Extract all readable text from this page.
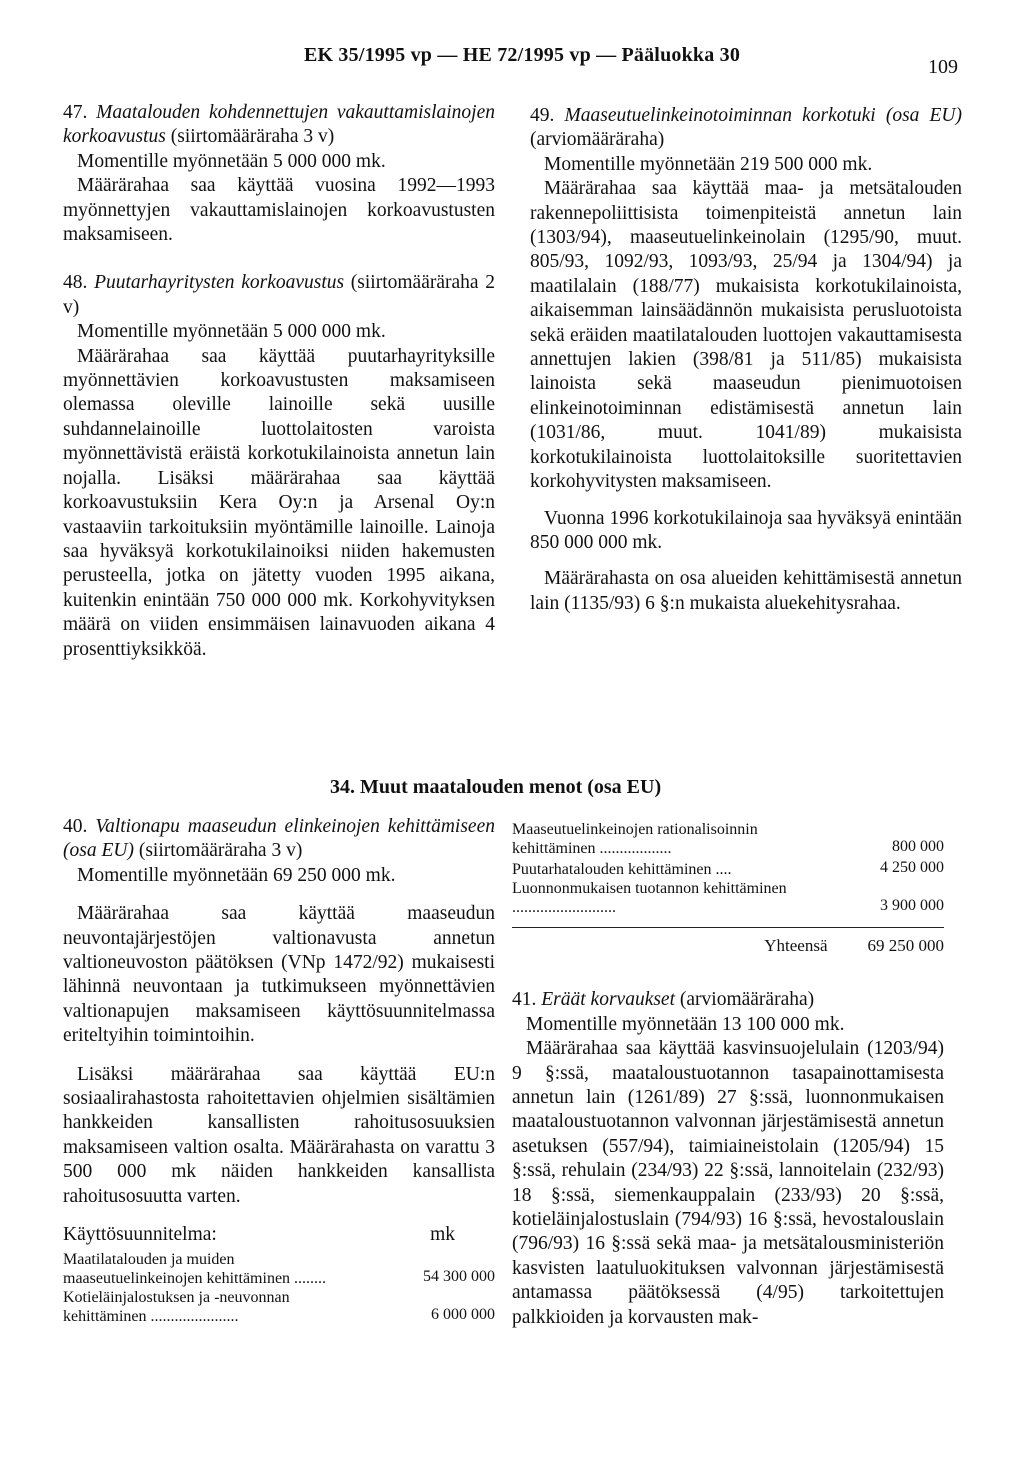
EK 35/1995 vp — HE 72/1995 vp — Pääluokka 30
109

47. Maatalouden kohdennettujen vakauttamislainojen korkoavustus (siirtomääräraha 3 v)

Momentille myönnetään 5 000 000 mk.

Määrärahaa saa käyttää vuosina 1992—1993 myönnettyjen vakauttamislainojen korkoavustusten maksamiseen.

48. Puutarhayritysten korkoavustus (siirtomääräraha 2 v)

Momentille myönnetään 5 000 000 mk.

Määrärahaa saa käyttää puutarhayrityksille myönnettävien korkoavustusten maksamiseen olemassa oleville lainoille sekä uusille suhdannelainoille luottolaitosten varoista myönnettävistä eräistä korkotukilainoista annetun lain nojalla. Lisäksi määrärahaa saa käyttää korkoavustuksiin Kera Oy:n ja Arsenal Oy:n vastaaviin tarkoituksiin myöntämille lainoille. Lainoja saa hyväksyä korkotukilainoiksi niiden hakemusten perusteella, jotka on jätetty vuoden 1995 aikana, kuitenkin enintään 750 000 000 mk. Korkohyvityksen määrä on viiden ensimmäisen lainavuoden aikana 4 prosenttiyksikköä.

49. Maaseutuelinkeinotoiminnan korkotuki (osa EU) (arviomääräraha)

Momentille myönnetään 219 500 000 mk.

Määrärahaa saa käyttää maa- ja metsätalouden rakennepoliittisista toimenpiteistä annetun lain (1303/94), maaseutuelinkeinolain (1295/90, muut. 805/93, 1092/93, 1093/93, 25/94 ja 1304/94) ja maatilalain (188/77) mukaisista korkotukilainoista, aikaisemman lainsäädännön mukaisista perusluotoista sekä eräiden maatilatalouden luottojen vakauttamisesta annettujen lakien (398/81 ja 511/85) mukaisista lainoista sekä maaseudun pienimuotoisen elinkeinotoiminnan edistämisestä annetun lain (1031/86, muut. 1041/89) mukaisista korkotukilainoista luottolaitoksille suoritettavien korkohyvitysten maksamiseen.

Vuonna 1996 korkotukilainoja saa hyväksyä enintään 850 000 000 mk.

Määrärahasta on osa alueiden kehittämisestä annetun lain (1135/93) 6 §:n mukaista aluekehitysrahaa.

34. Muut maatalouden menot (osa EU)

40. Valtionapu maaseudun elinkeinojen kehittämiseen (osa EU) (siirtomääräraha 3 v)

Momentille myönnetään 69 250 000 mk.

Määrärahaa saa käyttää maaseudun neuvontajärjestöjen valtionavusta annetun valtioneuvoston päätöksen (VNp 1472/92) mukaisesti lähinnä neuvontaan ja tutkimukseen myönnettävien valtionapujen maksamiseen käyttösuunnitelmassa eriteltyihin toimintoihin.

Lisäksi määrärahaa saa käyttää EU:n sosiaalirahastosta rahoitettavien ohjelmien sisältämien hankkeiden kansallisten rahoitusosuuksien maksamiseen valtion osalta. Määrärahasta on varattu 3 500 000 mk näiden hankkeiden kansallista rahoitusosuutta varten.

Käyttösuunnitelma:	mk
Maatilatalouden ja muiden maaseutuelinkeinojen kehittäminen ........	54 300 000
Kotieläinjalostuksen ja -neuvonnan kehittäminen ......................	6 000 000
Maaseutuelinkeinojen rationalisoinnin kehittäminen ..................	800 000
Puutarhatalouden kehittäminen ....	4 250 000
Luonnonmukaisen tuotannon kehittäminen ..........................	3 900 000
Yhteensä 69 250 000

41. Eräät korvaukset (arviomääräraha)

Momentille myönnetään 13 100 000 mk.

Määrärahaa saa käyttää kasvinsuojelulain (1203/94) 9 §:ssä, maataloustuotannon tasapainottamisesta annetun lain (1261/89) 27 §:ssä, luonnonmukaisen maataloustuotannon valvonnan järjestämisestä annetun asetuksen (557/94), taimiaineistolain (1205/94) 15 §:ssä, rehulain (234/93) 22 §:ssä, lannoitelain (232/93) 18 §:ssä, siemenkauppalain (233/93) 20 §:ssä, kotieläinjalostuslain (794/93) 16 §:ssä, hevostalouslain (796/93) 16 §:ssä sekä maa- ja metsätalousministeriön kasvisten laatuluokituksen valvonnan järjestämisestä antamassa päätöksessä (4/95) tarkoitettujen palkkioiden ja korvausten mak-
